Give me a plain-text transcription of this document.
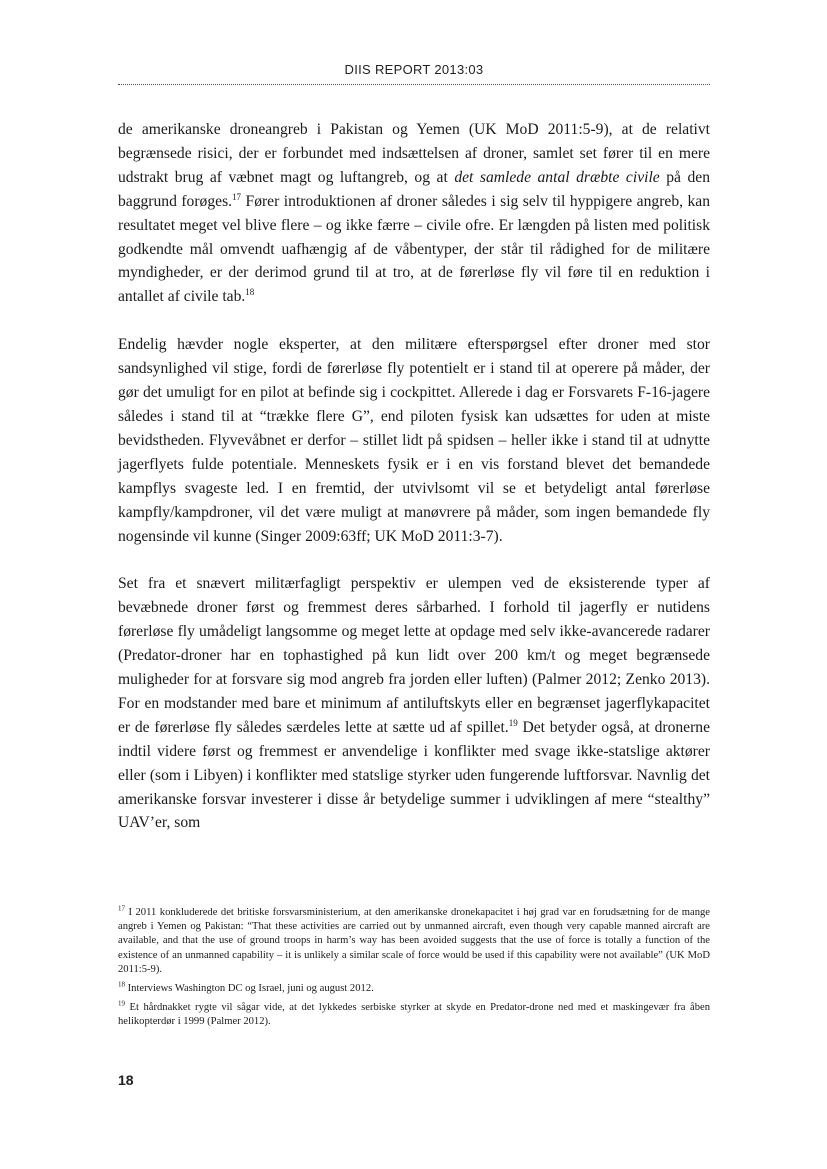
DIIS REPORT 2013:03

de amerikanske droneangreb i Pakistan og Yemen (UK MoD 2011:5-9), at de relativt begrænsede risici, der er forbundet med indsættelsen af droner, samlet set fører til en mere udstrakt brug af væbnet magt og luftangreb, og at det samlede antal dræbte civile på den baggrund forøges.$^{17}$ Fører introduktionen af droner således i sig selv til hyppigere angreb, kan resultatet meget vel blive flere – og ikke færre – civile ofre. Er længden på listen med politisk godkendte mål omvendt uafhængig af de våbentyper, der står til rådighed for de militære myndigheder, er der derimod grund til at tro, at de førerløse fly vil føre til en reduktion i antallet af civile tab.$^{18}$

Endelig hævder nogle eksperter, at den militære efterspørgsel efter droner med stor sandsynlighed vil stige, fordi de førerløse fly potentielt er i stand til at operere på måder, der gør det umuligt for en pilot at befinde sig i cockpittet. Allerede i dag er Forsvarets F-16-jagere således i stand til at “trække flere G”, end piloten fysisk kan udsættes for uden at miste bevidstheden. Flyvevåbnet er derfor – stillet lidt på spidsen – heller ikke i stand til at udnytte jagerflyets fulde potentiale. Menneskets fysik er i en vis forstand blevet det bemandede kampflys svageste led. I en fremtid, der utvivlsomt vil se et betydeligt antal førerløse kampfly/kampdroner, vil det være muligt at manøvrere på måder, som ingen bemandede fly nogensinde vil kunne (Singer 2009:63ff; UK MoD 2011:3-7).

Set fra et snævert militærfagligt perspektiv er ulempen ved de eksisterende typer af bevæbnede droner først og fremmest deres sårbarhed. I forhold til jagerfly er nutidens førerløse fly umådeligt langsomme og meget lette at opdage med selv ikke-avancerede radarer (Predator-droner har en tophastighed på kun lidt over 200 km/t og meget begrænsede muligheder for at forsvare sig mod angreb fra jorden eller luften) (Palmer 2012; Zenko 2013). For en modstander med bare et minimum af antiluftskyts eller en begrænset jagerflykapacitet er de førerløse fly således særdeles lette at sætte ud af spillet.$^{19}$ Det betyder også, at dronerne indtil videre først og fremmest er anvendelige i konflikter med svage ikke-statslige aktører eller (som i Libyen) i konflikter med statslige styrker uden fungerende luftforsvar. Navnlig det amerikanske forsvar investerer i disse år betydelige summer i udviklingen af mere “stealthy” UAV’er, som

$^{17}$ I 2011 konkluderede det britiske forsvarsministerium, at den amerikanske dronekapacitet i høj grad var en forudsætning for de mange angreb i Yemen og Pakistan: “That these activities are carried out by unmanned aircraft, even though very capable manned aircraft are available, and that the use of ground troops in harm’s way has been avoided suggests that the use of force is totally a function of the existence of an unmanned capability – it is unlikely a similar scale of force would be used if this capability were not available” (UK MoD 2011:5-9).

$^{18}$ Interviews Washington DC og Israel, juni og august 2012.

$^{19}$ Et hårdnakket rygte vil sågar vide, at det lykkedes serbiske styrker at skyde en Predator-drone ned med et maskingevær fra åben helikopterdør i 1999 (Palmer 2012).

18
